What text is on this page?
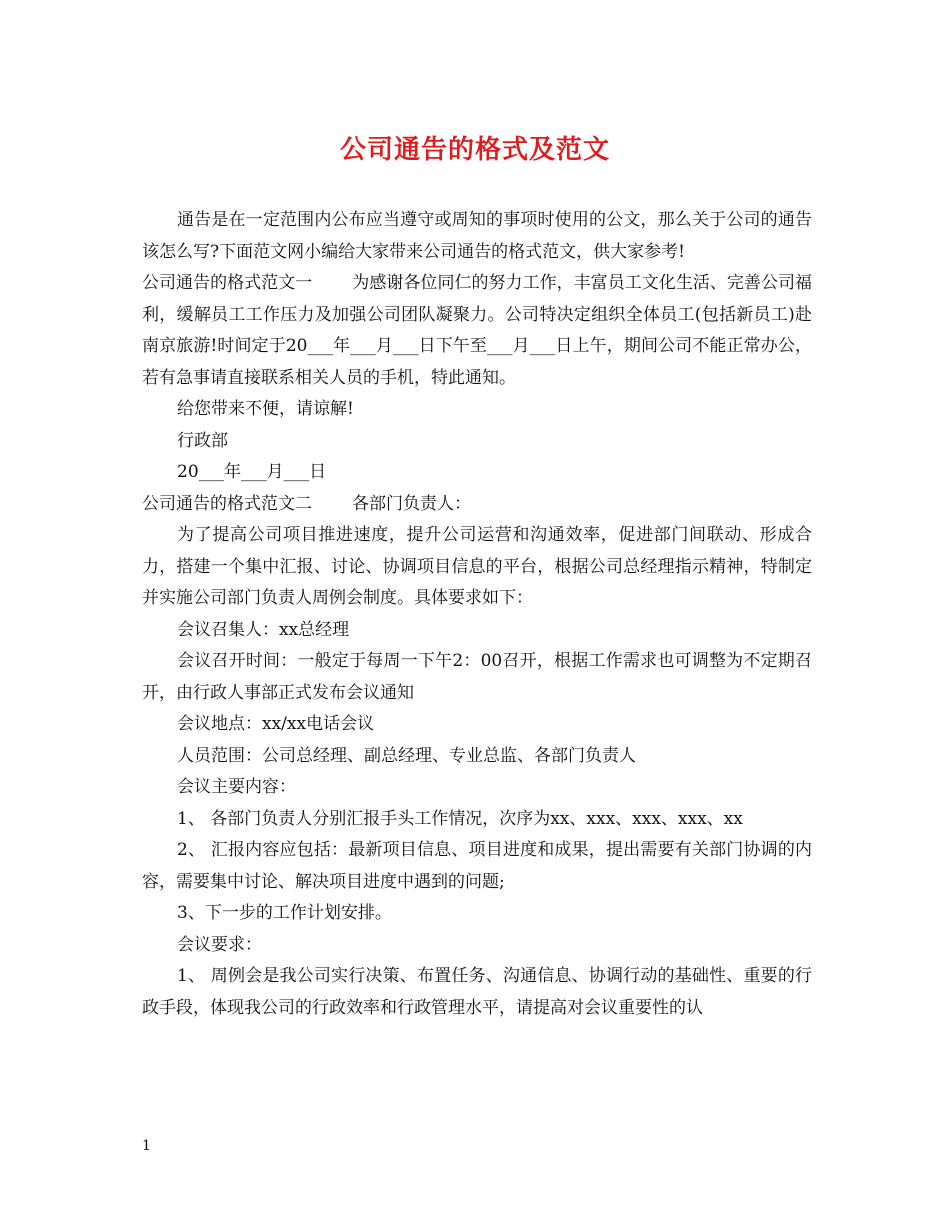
公司通告的格式及范文

通告是在一定范围内公布应当遵守或周知的事项时使用的公文，那么关于公司的通告该怎么写?下面范文网小编给大家带来公司通告的格式范文，供大家参考!

公司通告的格式范文一 为感谢各位同仁的努力工作，丰富员工文化生活、完善公司福利，缓解员工工作压力及加强公司团队凝聚力。公司特决定组织全体员工(包括新员工)赴南京旅游!时间定于20___年___月___日下午至___月___日上午，期间公司不能正常办公，若有急事请直接联系相关人员的手机，特此通知。

给您带来不便，请谅解!

行政部

20___年___月___日

公司通告的格式范文二 各部门负责人：

为了提高公司项目推进速度，提升公司运营和沟通效率，促进部门间联动、形成合力，搭建一个集中汇报、讨论、协调项目信息的平台，根据公司总经理指示精神，特制定并实施公司部门负责人周例会制度。具体要求如下：

会议召集人：xx总经理

会议召开时间：一般定于每周一下午2：00召开，根据工作需求也可调整为不定期召开，由行政人事部正式发布会议通知

会议地点：xx/xx电话会议

人员范围：公司总经理、副总经理、专业总监、各部门负责人

会议主要内容：

1、 各部门负责人分别汇报手头工作情况，次序为xx、xxx、xxx、xxx、xx

2、 汇报内容应包括：最新项目信息、项目进度和成果，提出需要有关部门协调的内容，需要集中讨论、解决项目进度中遇到的问题;

3、下一步的工作计划安排。

会议要求：

1、 周例会是我公司实行决策、布置任务、沟通信息、协调行动的基础性、重要的行政手段，体现我公司的行政效率和行政管理水平，请提高对会议重要性的认

1
